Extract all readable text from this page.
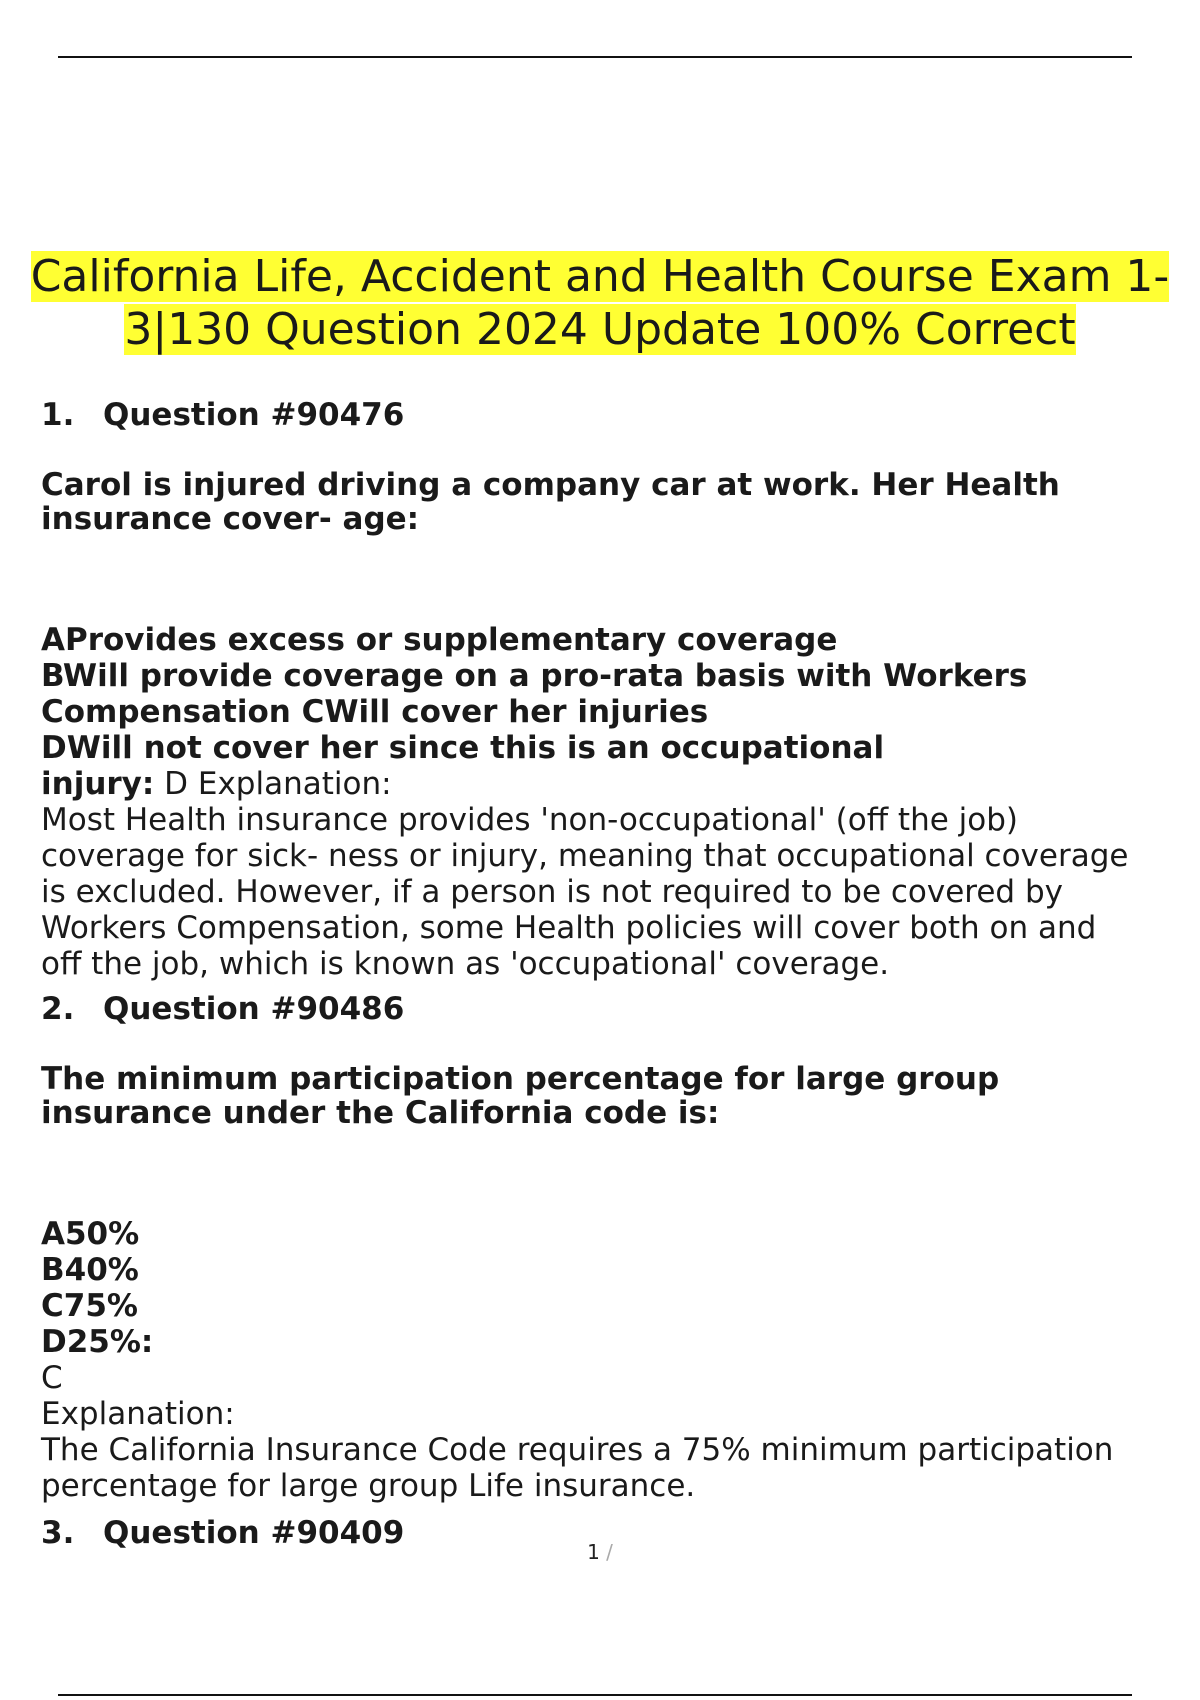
California Life, Accident and Health Course Exam 1-
3|130 Question 2024 Update 100% Correct
1. Question #90476
Carol is injured driving a company car at work. Her Health
insurance cover- age:
AProvides excess or supplementary coverage
BWill provide coverage on a pro-rata basis with Workers
Compensation CWill cover her injuries
DWill not cover her since this is an occupational
injury: D Explanation:
Most Health insurance provides 'non-occupational' (off the job)
coverage for sick- ness or injury, meaning that occupational coverage
is excluded. However, if a person is not required to be covered by
Workers Compensation, some Health policies will cover both on and
off the job, which is known as 'occupational' coverage.
2. Question #90486
The minimum participation percentage for large group
insurance under the California code is:
A50%
B40%
C75%
D25%:
C
Explanation:
The California Insurance Code requires a 75% minimum participation
percentage for large group Life insurance.
3. Question #90409
1 /
